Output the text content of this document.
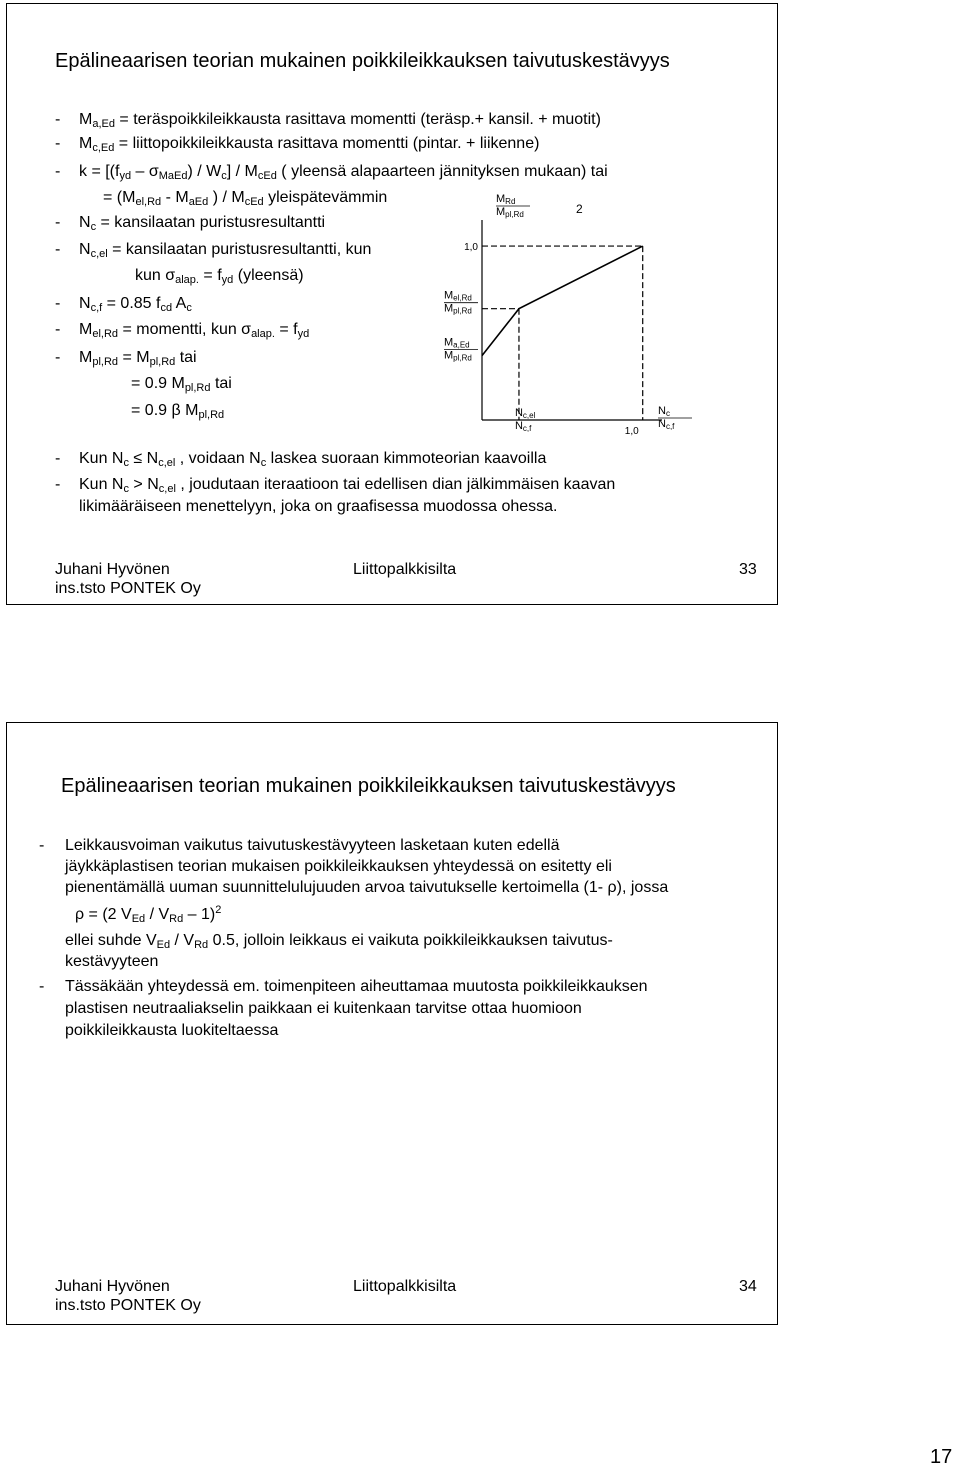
Epälineaarisen teorian mukainen poikkileikkauksen taivutuskestävyys
- $M_{a,Ed}$ = teräspoikkileikkausta rasittava momentti (teräsp.+ kansil. + muotit)
- $M_{c,Ed}$ = liittopoikkileikkausta rasittava momentti (pintar. + liikenne)
- $k = [(f_{yd} - \sigma_{MaEd}) / W_c] / M_{cEd}$ ( yleensä alapaarteen jännityksen mukaan) tai
= ($M_{el,Rd} - M_{aEd}$ ) / $M_{cEd}$ yleispätevämmin
- $N_c$ = kansilaatan puristusresultantti
- $N_{c,el}$ = kansilaatan puristusresultantti, kun
kun $\sigma_{alap.} = f_{yd}$ (yleensä)
- $N_{c,f} = 0.85$ $f_{cd}$ $A_c$
- $M_{el,Rd}$ = momentti, kun $\sigma_{alap.} = f_{yd}$
- $M_{pl,Rd} = M_{pl,Rd}$ tai
= 0.9 $M_{pl,Rd}$ tai
= 0.9 β $M_{pl,Rd}$
- Kun $N_c \le N_{c,el}$ , voidaan $N_c$ laskea suoraan kimmoteorian kaavoilla
- Kun $N_c > N_{c,el}$ , joudutaan iteraatioon tai edellisen dian jälkimmäisen kaavan
likimääräiseen menettelyyn, joka on graafisessa muodossa ohessa.
1,0
1,0
MRd
Mpl,Rd	2
Mel,Rd
Mpl,Rd
Ma,Ed
Mpl,Rd
Nc,el
Nc,f
Nc
Nc,f
Juhani Hyvönen
ins.tsto PONTEK Oy
Liittopalkkisilta	33
Epälineaarisen teorian mukainen poikkileikkauksen taivutuskestävyys
- Leikkausvoiman vaikutus taivutuskestävyyteen lasketaan kuten edellä
jäykkäplastisen teorian mukaisen poikkileikkauksen yhteydessä on esitetty eli
pienentämällä uuman suunnittelulujuuden arvoa taivutukselle kertoimella (1- ρ), jossa
ρ = (2 $V_{Ed} / V_{Rd} - 1)^2$
ellei suhde $V_{Ed} / V_{Rd}$ 0.5, jolloin leikkaus ei vaikuta poikkileikkauksen taivutus-
kestävyyteen
- Tässäkään yhteydessä em. toimenpiteen aiheuttamaa muutosta poikkileikkauksen
plastisen neutraaliakselin paikkaan ei kuitenkaan tarvitse ottaa huomioon
poikkileikkausta luokiteltaessa
Juhani Hyvönen
ins.tsto PONTEK Oy
Liittopalkkisilta	34
17
